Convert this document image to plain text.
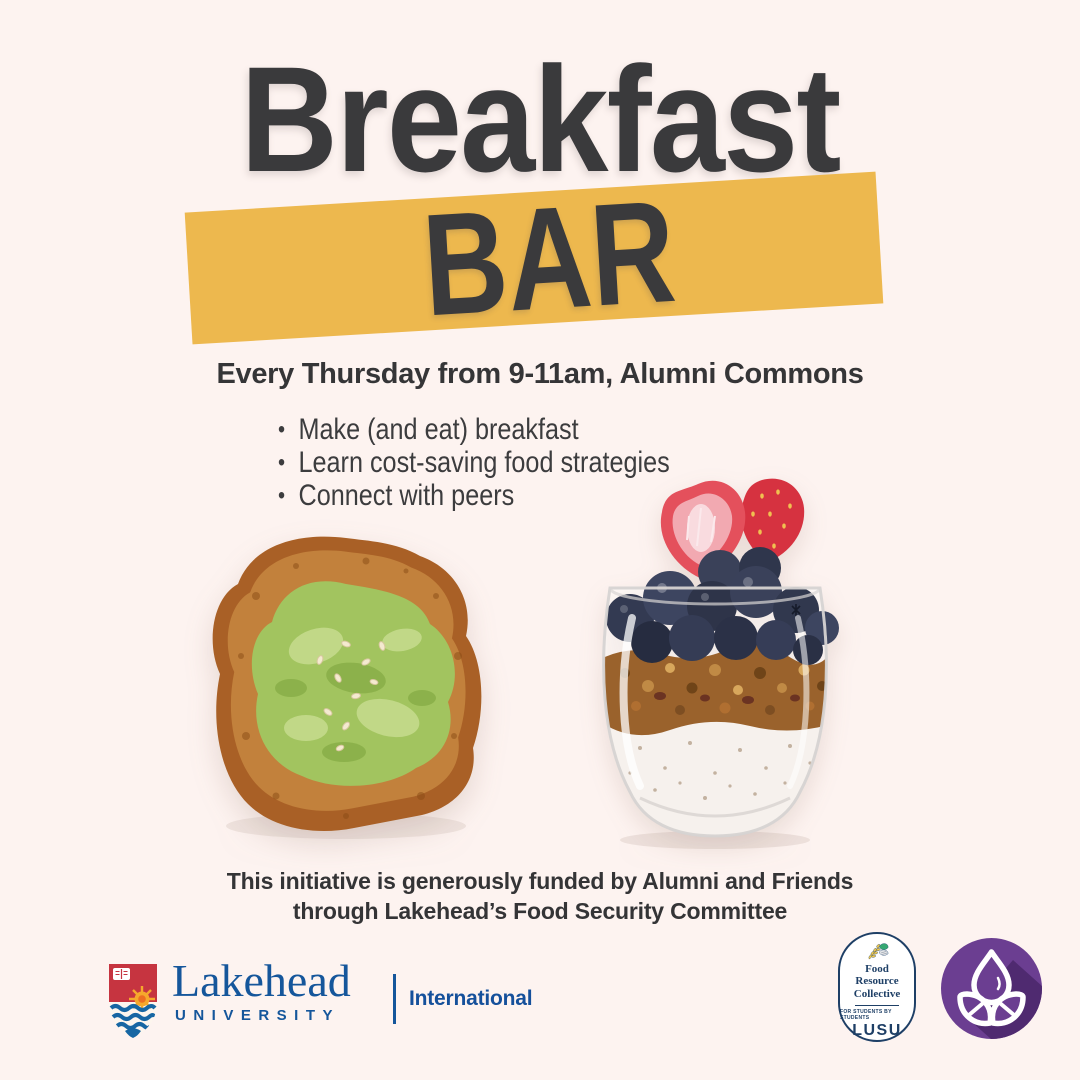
Breakfast
BAR
Every Thursday from 9-11am, Alumni Commons
• Make (and eat) breakfast
• Learn cost-saving food strategies
• Connect with peers
This initiative is generously funded by Alumni and Friends
through Lakehead’s Food Security Committee
Lakehead
UNIVERSITY
International
Food
Resource
Collective
FOR STUDENTS BY STUDENTS
LUSU
